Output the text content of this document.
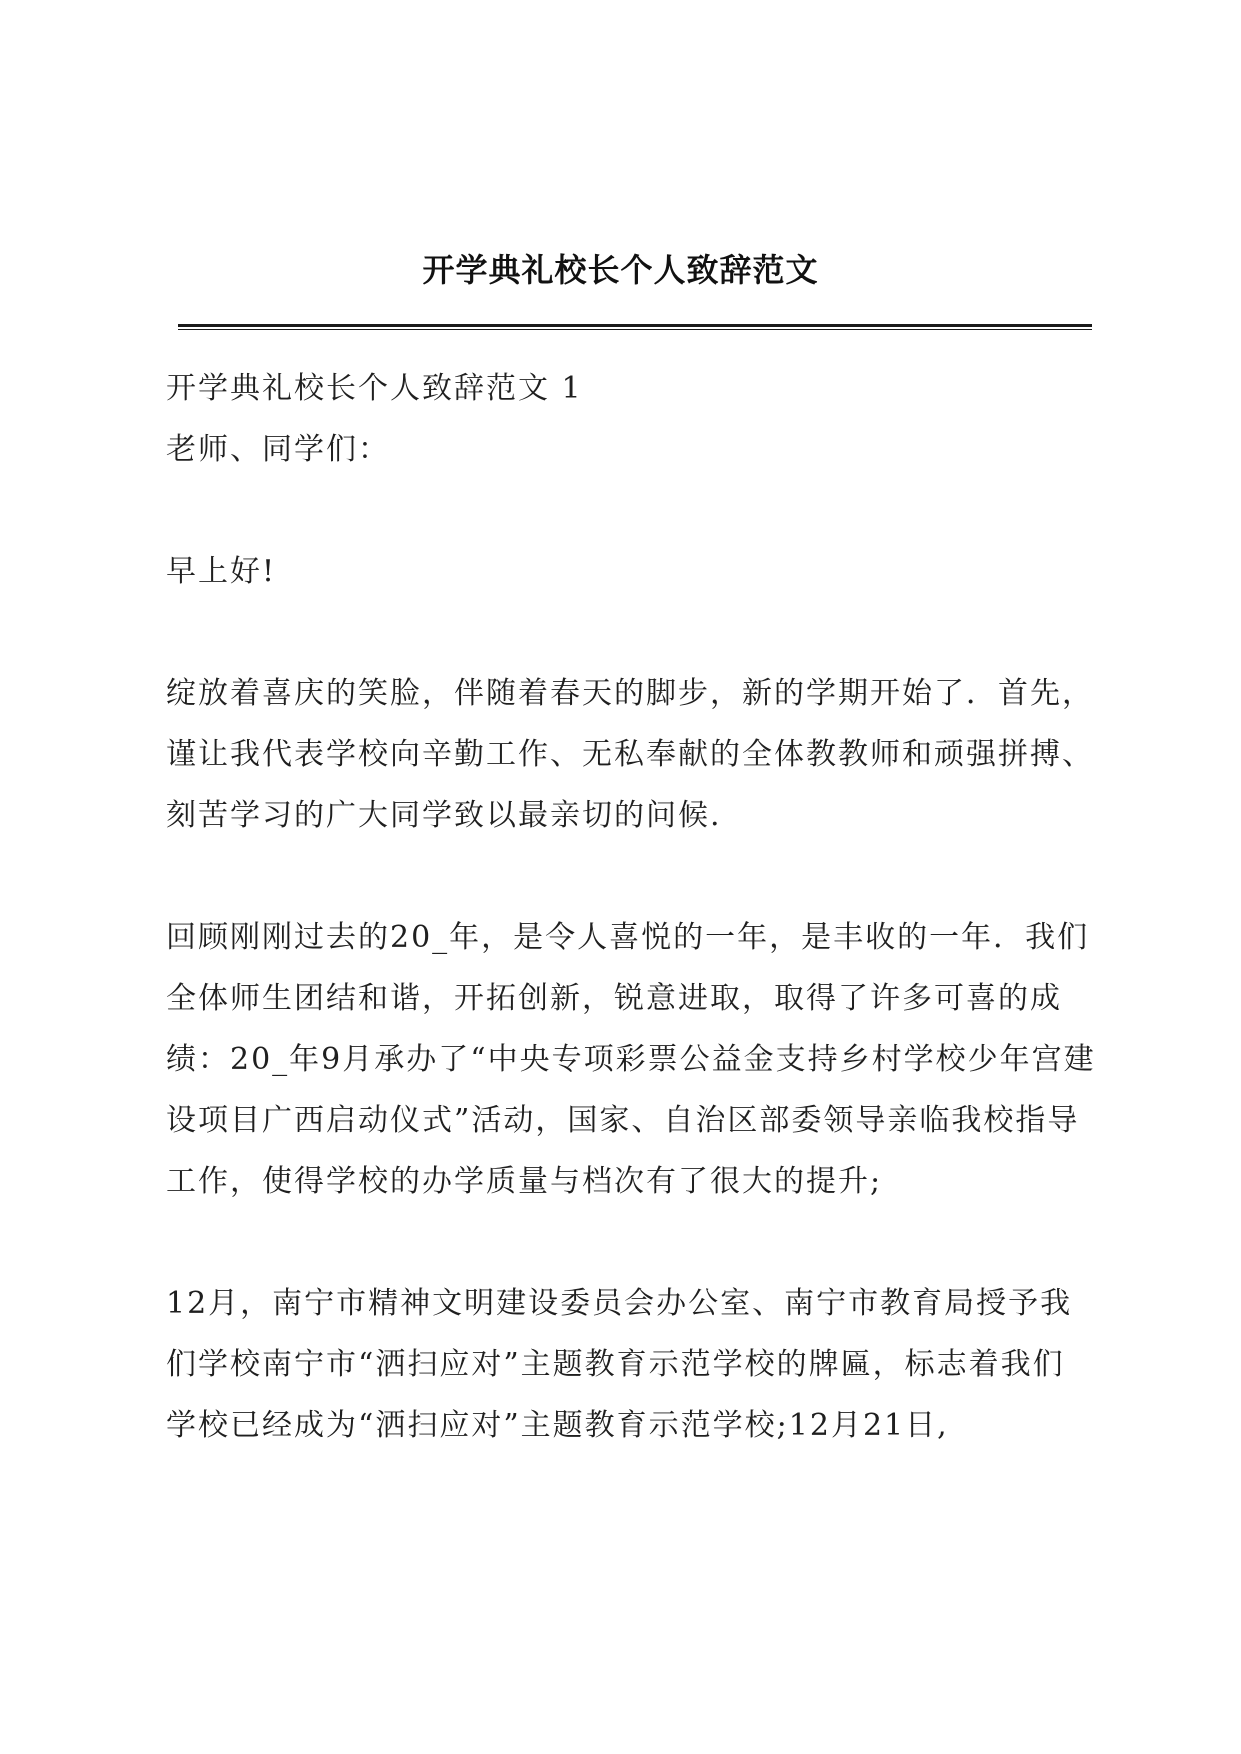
开学典礼校长个人致辞范文

开学典礼校长个人致辞范文 1

老师、同学们：

早上好!

绽放着喜庆的笑脸，伴随着春天的脚步，新的学期开始了．首先，谨让我代表学校向辛勤工作、无私奉献的全体教教师和顽强拼搏、刻苦学习的广大同学致以最亲切的问候.

回顾刚刚过去的20_年，是令人喜悦的一年，是丰收的一年．我们全体师生团结和谐，开拓创新，锐意进取，取得了许多可喜的成绩：20_年9月承办了“中央专项彩票公益金支持乡村学校少年宫建设项目广西启动仪式”活动，国家、自治区部委领导亲临我校指导工作，使得学校的办学质量与档次有了很大的提升;

12月，南宁市精神文明建设委员会办公室、南宁市教育局授予我们学校南宁市“洒扫应对”主题教育示范学校的牌匾，标志着我们学校已经成为“洒扫应对”主题教育示范学校;12月21日,
